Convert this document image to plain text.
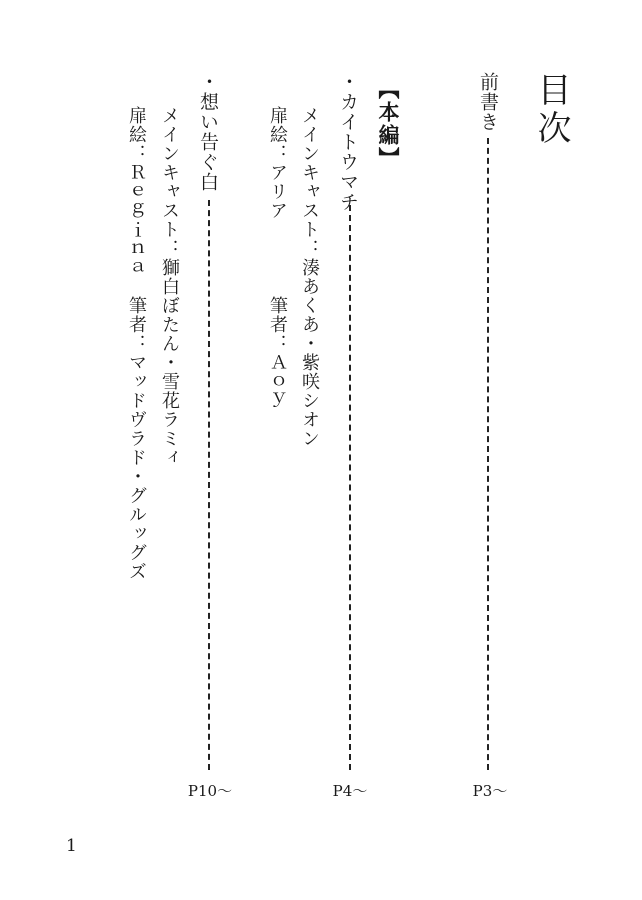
目次
前書き
P3～
【本編】
・カイトウマチ
P4～
メインキャスト：湊あくあ・紫咲シオン
扉絵：アリア
筆者：Ａｏｙ
・想い告ぐ白
P10～
メインキャスト：獅白ぼたん・雪花ラミィ
扉絵：Ｒｅｇｉｎａ
筆者：マッドヴラド・グルッグズ
1
